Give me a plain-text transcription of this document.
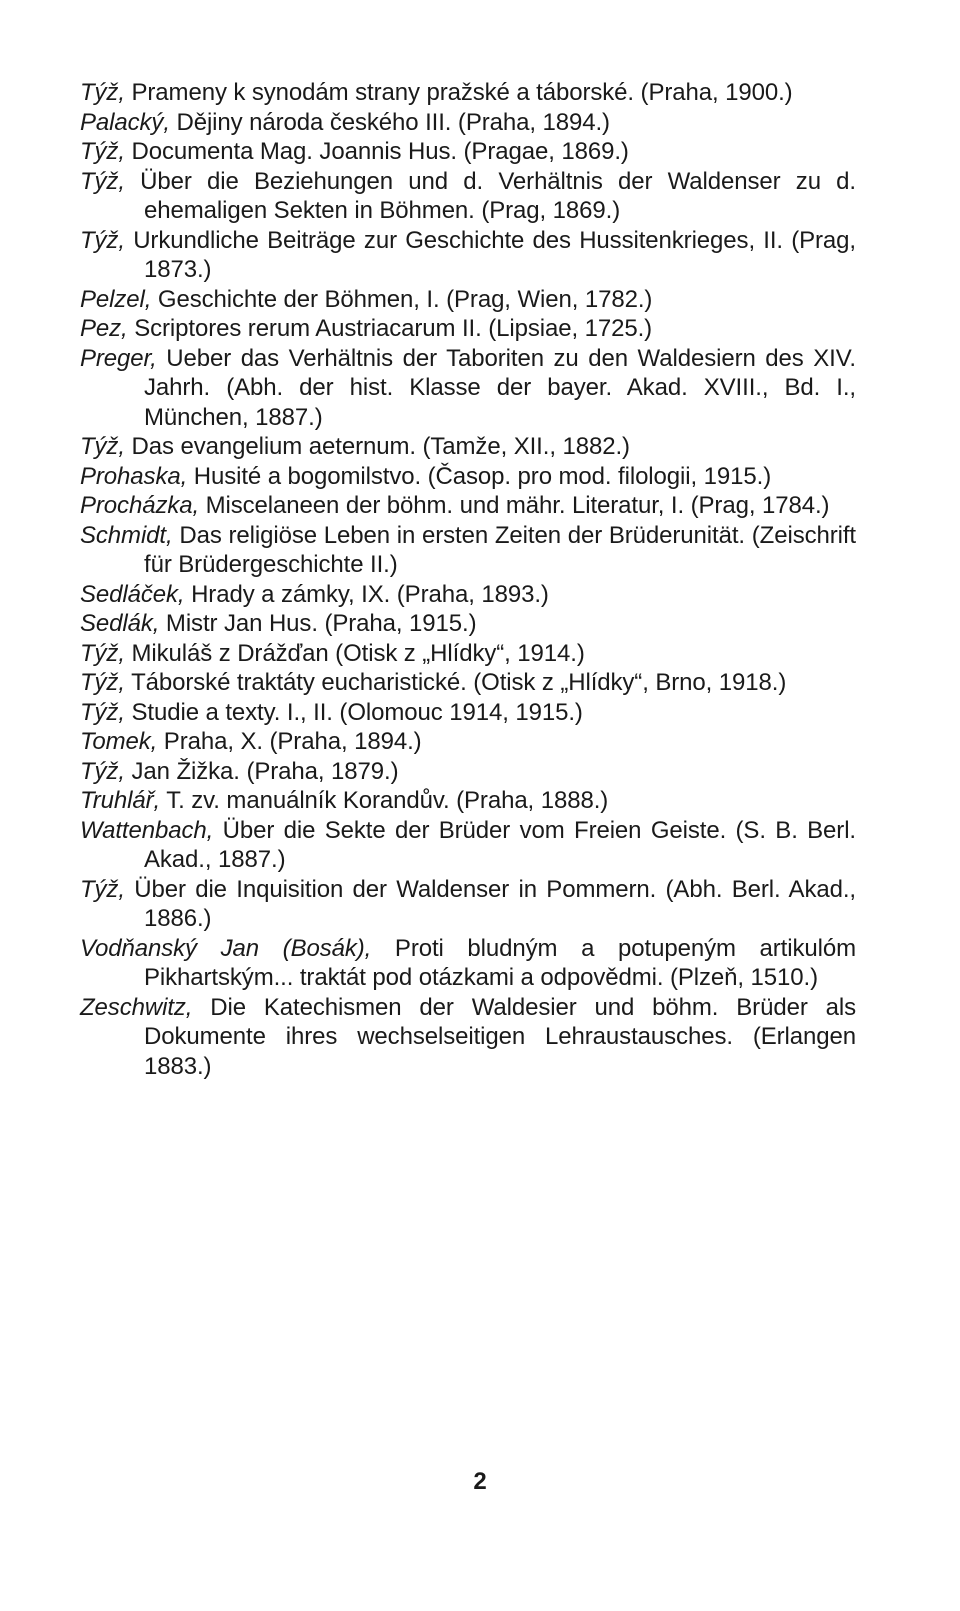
Týž, Prameny k synodám strany pražské a táborské. (Praha, 1900.)

Palacký, Dějiny národa českého III. (Praha, 1894.)

Týž, Documenta Mag. Joannis Hus. (Pragae, 1869.)

Týž, Über die Beziehungen und d. Verhältnis der Waldenser zu d. ehemaligen Sekten in Böhmen. (Prag, 1869.)

Týž, Urkundliche Beiträge zur Geschichte des Hussitenkrieges, II. (Prag, 1873.)

Pelzel, Geschichte der Böhmen, I. (Prag, Wien, 1782.)

Pez, Scriptores rerum Austriacarum II. (Lipsiae, 1725.)

Preger, Ueber das Verhältnis der Taboriten zu den Waldesiern des XIV. Jahrh. (Abh. der hist. Klasse der bayer. Akad. XVIII., Bd. I., München, 1887.)

Týž, Das evangelium aeternum. (Tamže, XII., 1882.)

Prohaska, Husité a bogomilstvo. (Časop. pro mod. filologii, 1915.)

Procházka, Miscelaneen der böhm. und mähr. Literatur, I. (Prag, 1784.)

Schmidt, Das religiöse Leben in ersten Zeiten der Brüderunität. (Zeischrift für Brüdergeschichte II.)

Sedláček, Hrady a zámky, IX. (Praha, 1893.)

Sedlák, Mistr Jan Hus. (Praha, 1915.)

Týž, Mikuláš z Drážďan (Otisk z „Hlídky“, 1914.)

Týž, Táborské traktáty eucharistické. (Otisk z „Hlídky“, Brno, 1918.)

Týž, Studie a texty. I., II. (Olomouc 1914, 1915.)

Tomek, Praha, X. (Praha, 1894.)

Týž, Jan Žižka. (Praha, 1879.)

Truhlář, T. zv. manuálník Korandův. (Praha, 1888.)

Wattenbach, Über die Sekte der Brüder vom Freien Geiste. (S. B. Berl. Akad., 1887.)

Týž, Über die Inquisition der Waldenser in Pommern. (Abh. Berl. Akad., 1886.)

Vodňanský Jan (Bosák), Proti bludným a potupeným artikulóm Pikhartským... traktát pod otázkami a odpovědmi. (Plzeň, 1510.)

Zeschwitz, Die Katechismen der Waldesier und böhm. Brüder als Dokumente ihres wechselseitigen Lehraustausches. (Erlangen 1883.)

2
